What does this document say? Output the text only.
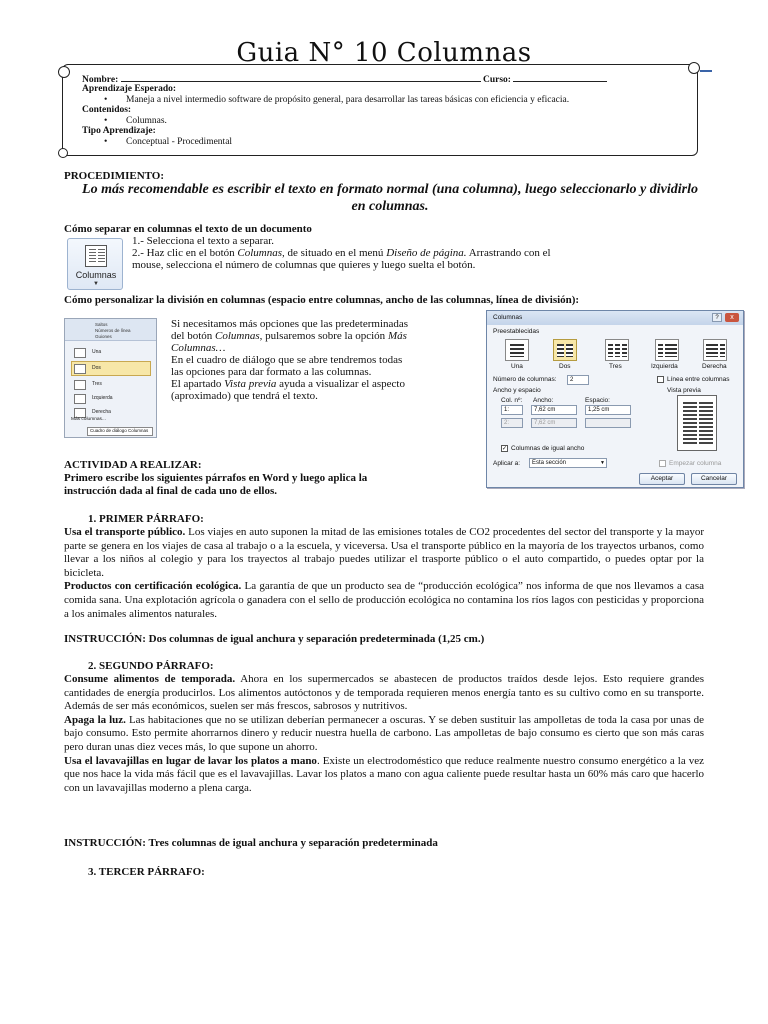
Guia N° 10 Columnas
Nombre:	Curso:
Aprendizaje Esperado:
• Maneja a nivel intermedio software de propósito general, para desarrollar las tareas básicas con eficiencia y eficacia.
Contenidos:
• Columnas.
Tipo Aprendizaje:
• Conceptual - Procedimental
PROCEDIMIENTO:
Lo más recomendable es escribir el texto en formato normal (una columna), luego seleccionarlo y dividirlo en columnas.
Cómo separar en columnas el texto de un documento
Columnas
▼
1.- Selecciona el texto a separar.
2.- Haz clic en el botón Columnas, de situado en el menú Diseño de página. Arrastrando con el
mouse, selecciona el número de columnas que quieres y luego suelta el botón.
Cómo personalizar la división en columnas (espacio entre columnas, ancho de las columnas, línea de división):
Saltos
Números de línea
Guiones
Una
Dos
Tres
Izquierda
Derecha
Más columnas...
Cuadro de diálogo Columnas
Si necesitamos más opciones que las predeterminadas
del botón Columnas, pulsaremos sobre la opción Más
Columnas…
En el cuadro de diálogo que se abre tendremos todas
las opciones para dar formato a las columnas.
El apartado Vista previa ayuda a visualizar el aspecto
(aproximado) que tendrá el texto.
Columnas	?	x
Preestablecidas
Una	Dos	Tres	Izquierda	Derecha
Número de columnas:	2	Línea entre columnas
Ancho y espacio	Vista previa
Col. nº: Ancho:	Espacio:
1:	7,62 cm	1,25 cm
2:	7,62 cm
✓ Columnas de igual ancho
Aplicar a:	Esta sección	▼	Empezar columna
Aceptar	Cancelar
ACTIVIDAD A REALIZAR:
Primero escribe los siguientes párrafos en Word y luego aplica la
instrucción dada al final de cada uno de ellos.
1. PRIMER PÁRRAFO:

Usa el transporte público. Los viajes en auto suponen la mitad de las emisiones totales de CO2 procedentes del sector del transporte y la mayor parte se genera en los viajes de casa al trabajo o a la escuela, y viceversa. Usa el transporte público en la mayoría de los trayectos urbanos, como llevar a los niños al colegio y para los trayectos al trabajo puedes utilizar el trasporte público o el auto compartido, o puedes optar por la bicicleta.

Productos con certificación ecológica. La garantía de que un producto sea de “producción ecológica” nos informa de que nos llevamos a casa comida sana. Una explotación agrícola o ganadera con el sello de producción ecológica no contamina los ríos lagos con pesticidas y proporciona a los animales alimentos naturales.

INSTRUCCIÓN: Dos columnas de igual anchura y separación predeterminada (1,25 cm.)
2. SEGUNDO PÁRRAFO:

Consume alimentos de temporada. Ahora en los supermercados se abastecen de productos traídos desde lejos. Esto requiere grandes cantidades de energía producirlos. Los alimentos autóctonos y de temporada requieren menos energía tanto es su cultivo como en su transporte. Además de ser más económicos, suelen ser más frescos, sabrosos y nutritivos.

Apaga la luz. Las habitaciones que no se utilizan deberían permanecer a oscuras. Y se deben sustituir las ampolletas de toda la casa por unas de bajo consumo. Esto permite ahorrarnos dinero y reducir nuestra huella de carbono. Las ampolletas de bajo consumo es cierto que son más caras pero duran unas diez veces más, lo que supone un ahorro.

Usa el lavavajillas en lugar de lavar los platos a mano. Existe un electrodoméstico que reduce realmente nuestro consumo energético a la vez que nos hace la vida más fácil que es el lavavajillas. Lavar los platos a mano con agua caliente puede resultar hasta un 60% más caro que hacerlo con un lavavajillas moderno a plena carga.

INSTRUCCIÓN: Tres columnas de igual anchura y separación predeterminada
3. TERCER PÁRRAFO:
